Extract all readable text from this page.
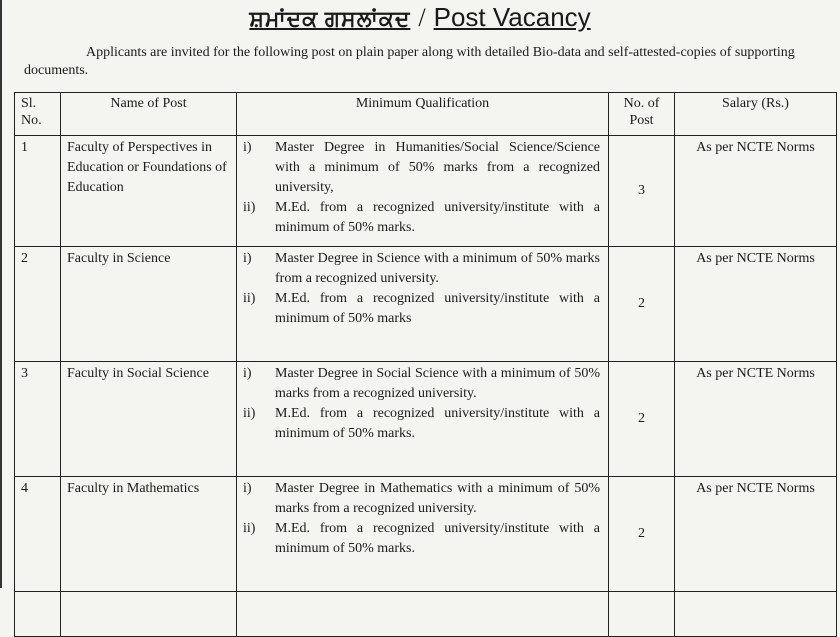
ਸ਼ਮਾਂਦਕ ਗਸਲਾਂਕਦ / Post Vacancy
Applicants are invited for the following post on plain paper along with detailed Bio-data and self-attested-copies of supporting documents.
Sl. No.	Name of Post	Minimum Qualification	No. of Post	Salary (Rs.)
1	Faculty of Perspectives in Education or Foundations of Education	i) Master Degree in Humanities/Social Science/Science with a minimum of 50% marks from a recognized university,
ii) M.Ed. from a recognized university/institute with a minimum of 50% marks.	3	As per NCTE Norms
2	Faculty in Science	i) Master Degree in Science with a minimum of 50% marks from a recognized university.
ii) M.Ed. from a recognized university/institute with a minimum of 50% marks	2	As per NCTE Norms
3	Faculty in Social Science	i) Master Degree in Social Science with a minimum of 50% marks from a recognized university.
ii) M.Ed. from a recognized university/institute with a minimum of 50% marks.	2	As per NCTE Norms
4	Faculty in Mathematics	i) Master Degree in Mathematics with a minimum of 50% marks from a recognized university.
ii) M.Ed. from a recognized university/institute with a minimum of 50% marks.	2	As per NCTE Norms
